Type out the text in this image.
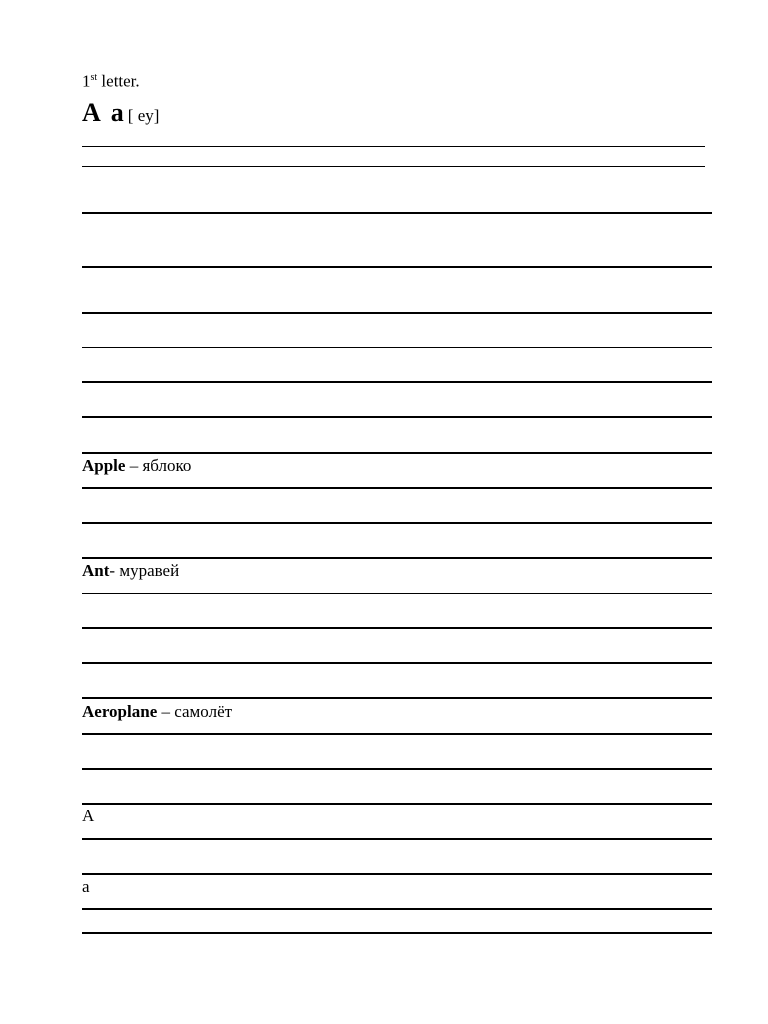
1st letter.
A a [ ey]
Apple – яблоко
Ant- муравей
Aeroplane – самолёт
A
a
